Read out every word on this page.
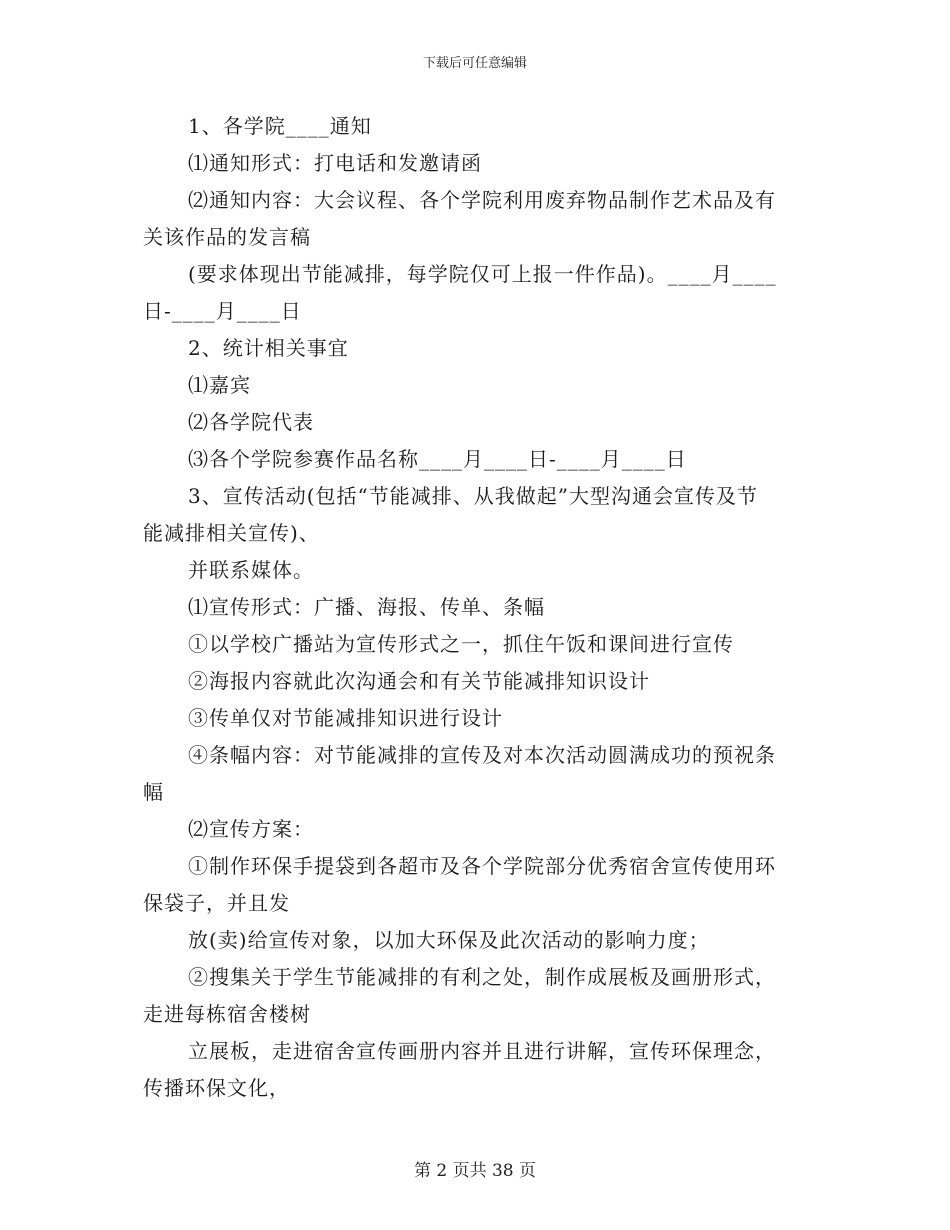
下载后可任意编辑
1、各学院____通知
⑴通知形式：打电话和发邀请函
⑵通知内容：大会议程、各个学院利用废弃物品制作艺术品及有
关该作品的发言稿
(要求体现出节能减排，每学院仅可上报一件作品)。____月____
日-____月____日
2、统计相关事宜
⑴嘉宾
⑵各学院代表
⑶各个学院参赛作品名称____月____日-____月____日
3、宣传活动(包括“节能减排、从我做起”大型沟通会宣传及节
能减排相关宣传)、
并联系媒体。
⑴宣传形式：广播、海报、传单、条幅
①以学校广播站为宣传形式之一，抓住午饭和课间进行宣传
②海报内容就此次沟通会和有关节能减排知识设计
③传单仅对节能减排知识进行设计
④条幅内容：对节能减排的宣传及对本次活动圆满成功的预祝条
幅
⑵宣传方案：
①制作环保手提袋到各超市及各个学院部分优秀宿舍宣传使用环
保袋子，并且发
放(卖)给宣传对象，以加大环保及此次活动的影响力度；
②搜集关于学生节能减排的有利之处，制作成展板及画册形式，
走进每栋宿舍楼树
立展板，走进宿舍宣传画册内容并且进行讲解，宣传环保理念，
传播环保文化，
第 2 页共 38 页
